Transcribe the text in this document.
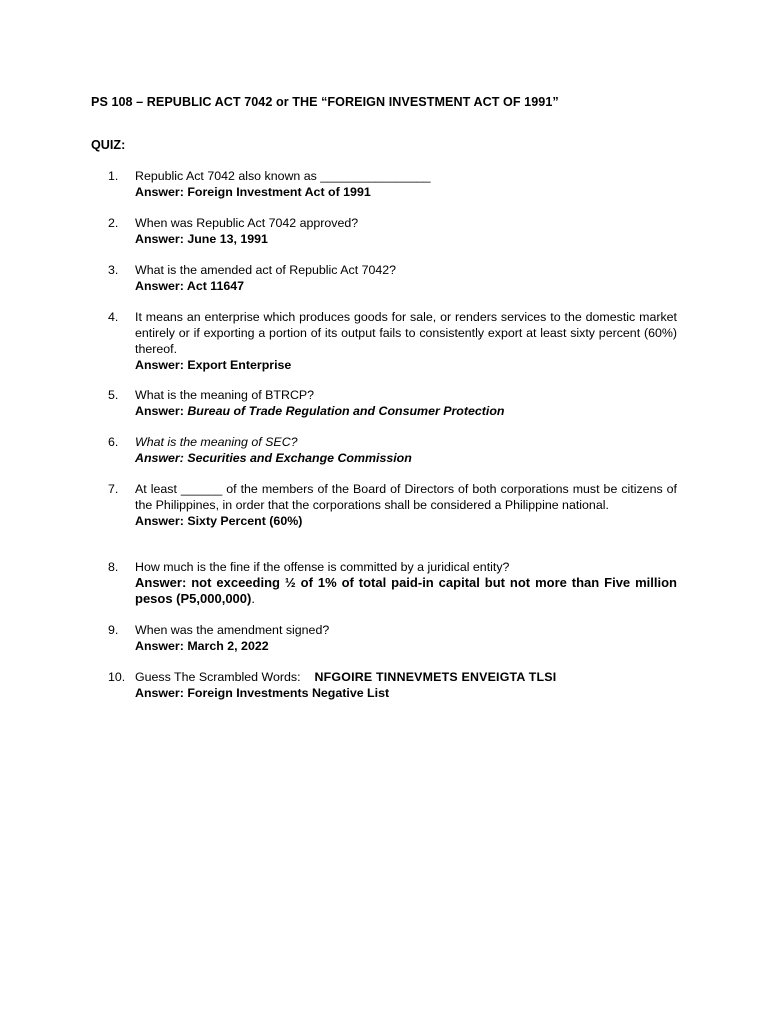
PS 108 – REPUBLIC ACT 7042 or THE “FOREIGN INVESTMENT ACT OF 1991”
QUIZ:
1.	Republic Act 7042 also known as ________________
Answer: Foreign Investment Act of 1991
2.	When was Republic Act 7042 approved?
Answer: June 13, 1991
3.	What is the amended act of Republic Act 7042?
Answer: Act 11647
4.	It means an enterprise which produces goods for sale, or renders services to the domestic market entirely or if exporting a portion of its output fails to consistently export at least sixty percent (60%) thereof.
Answer: Export Enterprise
5.	What is the meaning of BTRCP?
Answer: Bureau of Trade Regulation and Consumer Protection
6.	What is the meaning of SEC?
Answer: Securities and Exchange Commission
7.	At least ______ of the members of the Board of Directors of both corporations must be citizens of the Philippines, in order that the corporations shall be considered a Philippine national.
Answer: Sixty Percent (60%)
8.	How much is the fine if the offense is committed by a juridical entity?
Answer: not exceeding ½ of 1% of total paid-in capital but not more than Five million pesos (P5,000,000).
9.	When was the amendment signed?
Answer: March 2, 2022
10. Guess The Scrambled Words: NFGOIRE TINNEVMETS ENVEIGTA TLSI
Answer: Foreign Investments Negative List
